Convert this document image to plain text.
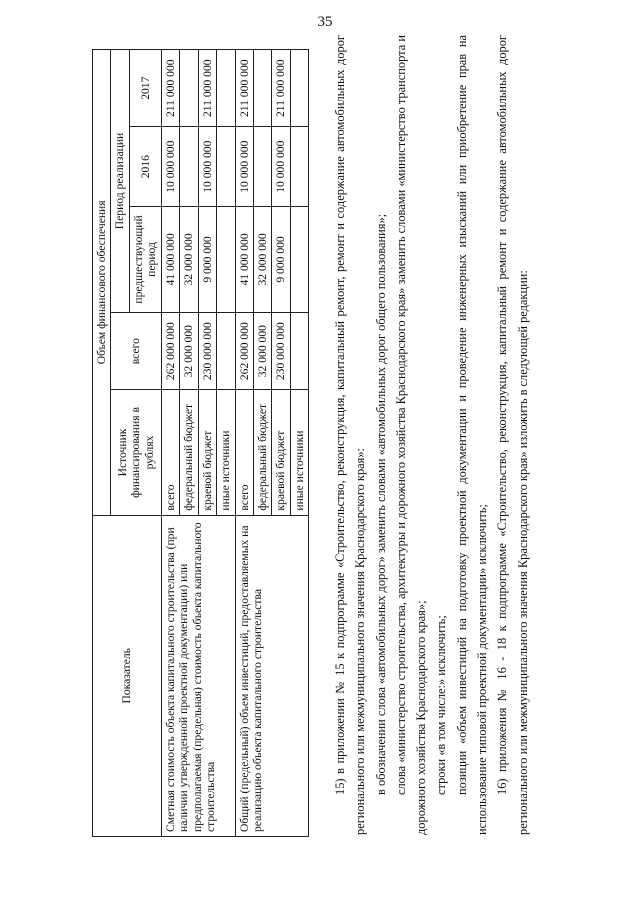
35
Показатель	Объем финансового обеспечения				
	Источник финансирования в рублях	всего	Период реализации		
			предшествующий период	2016	2017
Сметная стоимость объекта капитального строительства (при наличии утвержденной проектной документации) или предполагаемая (предельная) стоимость объекта капитального строительства	всего	262 000 000	41 000 000	10 000 000	211 000 000
	федеральный бюджет	32 000 000	32 000 000		
	краевой бюджет	230 000 000	9 000 000	10 000 000	211 000 000
	иные источники				
Общий (предельный) объем инвестиций, предоставляемых на реализацию объекта капитального строительства	всего	262 000 000	41 000 000	10 000 000	211 000 000
	федеральный бюджет	32 000 000	32 000 000		
	краевой бюджет	230 000 000	9 000 000	10 000 000	211 000 000
	иные источники				15) в приложении № 15 к подпрограмме «Строительство, реконструкция, капитальный ремонт, ремонт и содержание автомобильных дорог регионального или межмуниципального значения Краснодарского края»: в обозначении слова «автомобильных дорог» заменить словами «автомобильных дорог общего пользования»; слова «министерство строительства, архитектуры и дорожного хозяйства Краснодарского края» заменить словами «министерство транспорта и дорожного хозяйства Краснодарского края»; строки «в том числе:» исключить; позиции «объем инвестиций на подготовку проектной документации и проведение инженерных изысканий или приобретение прав на использование типовой проектной документации» исключить; 16) приложения № 16 - 18 к подпрограмме «Строительство, реконструкция, капитальный ремонт и содержание автомобильных дорог регионального или межмуниципального значения Краснодарского края» изложить в следующей редакции:
